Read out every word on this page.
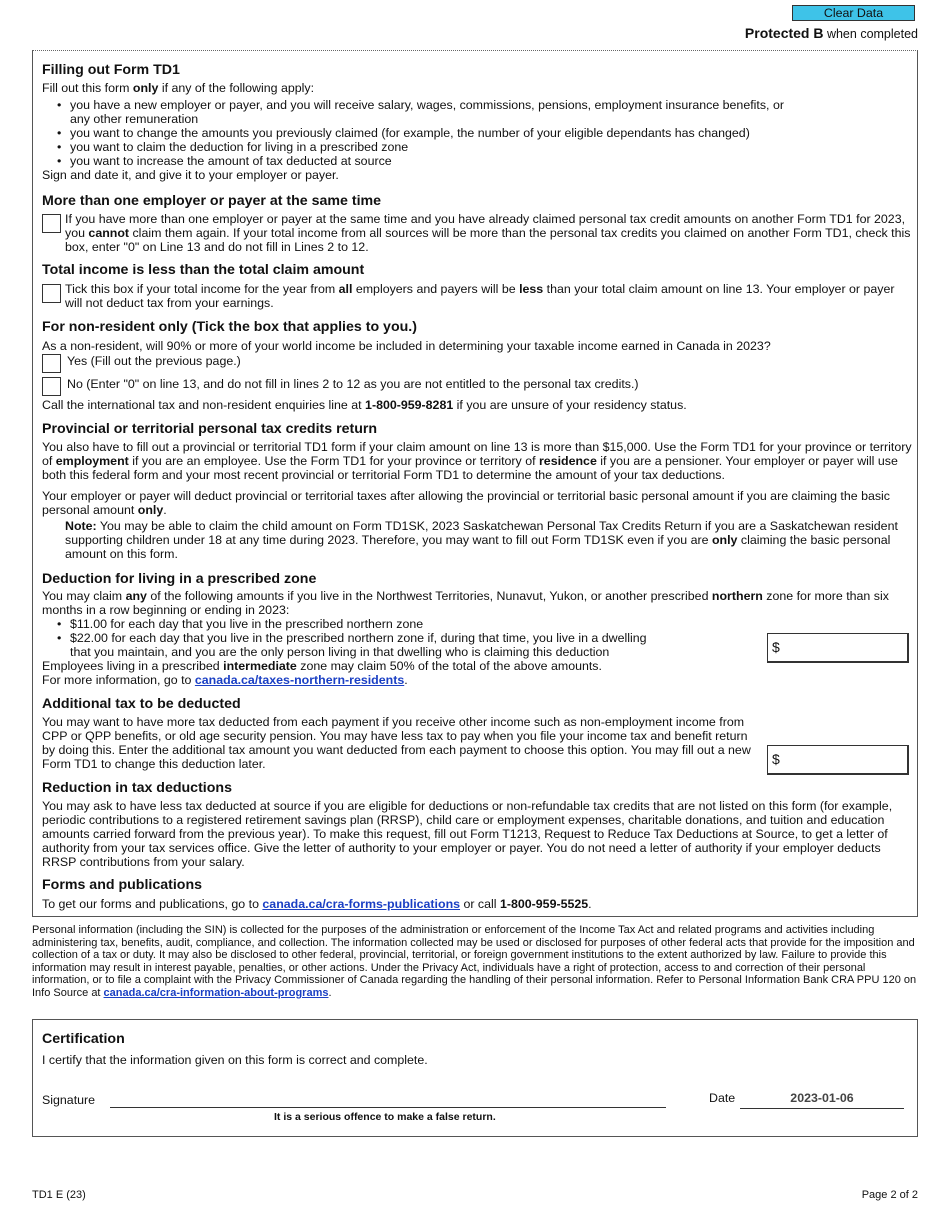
Clear Data
Protected B when completed
Filling out Form TD1

Fill out this form only if any of the following apply:

• you have a new employer or payer, and you will receive salary, wages, commissions, pensions, employment insurance benefits, or any other remuneration
• you want to change the amounts you previously claimed (for example, the number of your eligible dependants has changed)
• you want to claim the deduction for living in a prescribed zone
• you want to increase the amount of tax deducted at source

Sign and date it, and give it to your employer or payer.

More than one employer or payer at the same time

If you have more than one employer or payer at the same time and you have already claimed personal tax credit amounts on another Form TD1 for 2023, you cannot claim them again. If your total income from all sources will be more than the personal tax credits you claimed on another Form TD1, check this box, enter "0" on Line 13 and do not fill in Lines 2 to 12.

Total income is less than the total claim amount

Tick this box if your total income for the year from all employers and payers will be less than your total claim amount on line 13. Your employer or payer will not deduct tax from your earnings.

For non-resident only (Tick the box that applies to you.)

As a non-resident, will 90% or more of your world income be included in determining your taxable income earned in Canada in 2023?

Yes (Fill out the previous page.)

No (Enter "0" on line 13, and do not fill in lines 2 to 12 as you are not entitled to the personal tax credits.)

Call the international tax and non-resident enquiries line at 1-800-959-8281 if you are unsure of your residency status.

Provincial or territorial personal tax credits return

You also have to fill out a provincial or territorial TD1 form if your claim amount on line 13 is more than $15,000. Use the Form TD1 for your province or territory of employment if you are an employee. Use the Form TD1 for your province or territory of residence if you are a pensioner. Your employer or payer will use both this federal form and your most recent provincial or territorial Form TD1 to determine the amount of your tax deductions.

Your employer or payer will deduct provincial or territorial taxes after allowing the provincial or territorial basic personal amount if you are claiming the basic personal amount only.

Note: You may be able to claim the child amount on Form TD1SK, 2023 Saskatchewan Personal Tax Credits Return if you are a Saskatchewan resident supporting children under 18 at any time during 2023. Therefore, you may want to fill out Form TD1SK even if you are only claiming the basic personal amount on this form.

Deduction for living in a prescribed zone

You may claim any of the following amounts if you live in the Northwest Territories, Nunavut, Yukon, or another prescribed northern zone for more than six months in a row beginning or ending in 2023:

• $11.00 for each day that you live in the prescribed northern zone
• $22.00 for each day that you live in the prescribed northern zone if, during that time, you live in a dwelling that you maintain, and you are the only person living in that dwelling who is claiming this deduction

Employees living in a prescribed intermediate zone may claim 50% of the total of the above amounts.

For more information, go to canada.ca/taxes-northern-residents.

$
Additional tax to be deducted

You may want to have more tax deducted from each payment if you receive other income such as non-employment income from CPP or QPP benefits, or old age security pension. You may have less tax to pay when you file your income tax and benefit return by doing this. Enter the additional tax amount you want deducted from each payment to choose this option. You may fill out a new Form TD1 to change this deduction later.	$
Reduction in tax deductions

You may ask to have less tax deducted at source if you are eligible for deductions or non-refundable tax credits that are not listed on this form (for example, periodic contributions to a registered retirement savings plan (RRSP), child care or employment expenses, charitable donations, and tuition and education amounts carried forward from the previous year). To make this request, fill out Form T1213, Request to Reduce Tax Deductions at Source, to get a letter of authority from your tax services office. Give the letter of authority to your employer or payer. You do not need a letter of authority if your employer deducts RRSP contributions from your salary.

Forms and publications

To get our forms and publications, go to canada.ca/cra-forms-publications or call 1-800-959-5525.

Personal information (including the SIN) is collected for the purposes of the administration or enforcement of the Income Tax Act and related programs and activities including administering tax, benefits, audit, compliance, and collection. The information collected may be used or disclosed for purposes of other federal acts that provide for the imposition and collection of a tax or duty. It may also be disclosed to other federal, provincial, territorial, or foreign government institutions to the extent authorized by law. Failure to provide this information may result in interest payable, penalties, or other actions. Under the Privacy Act, individuals have a right of protection, access to and correction of their personal information, or to file a complaint with the Privacy Commissioner of Canada regarding the handling of their personal information. Refer to Personal Information Bank CRA PPU 120 on Info Source at canada.ca/cra-information-about-programs.

Certification

I certify that the information given on this form is correct and complete.

Signature

It is a serious offence to make a false return.

Date	2023-01-06

TD1 E (23)	Page 2 of 2
